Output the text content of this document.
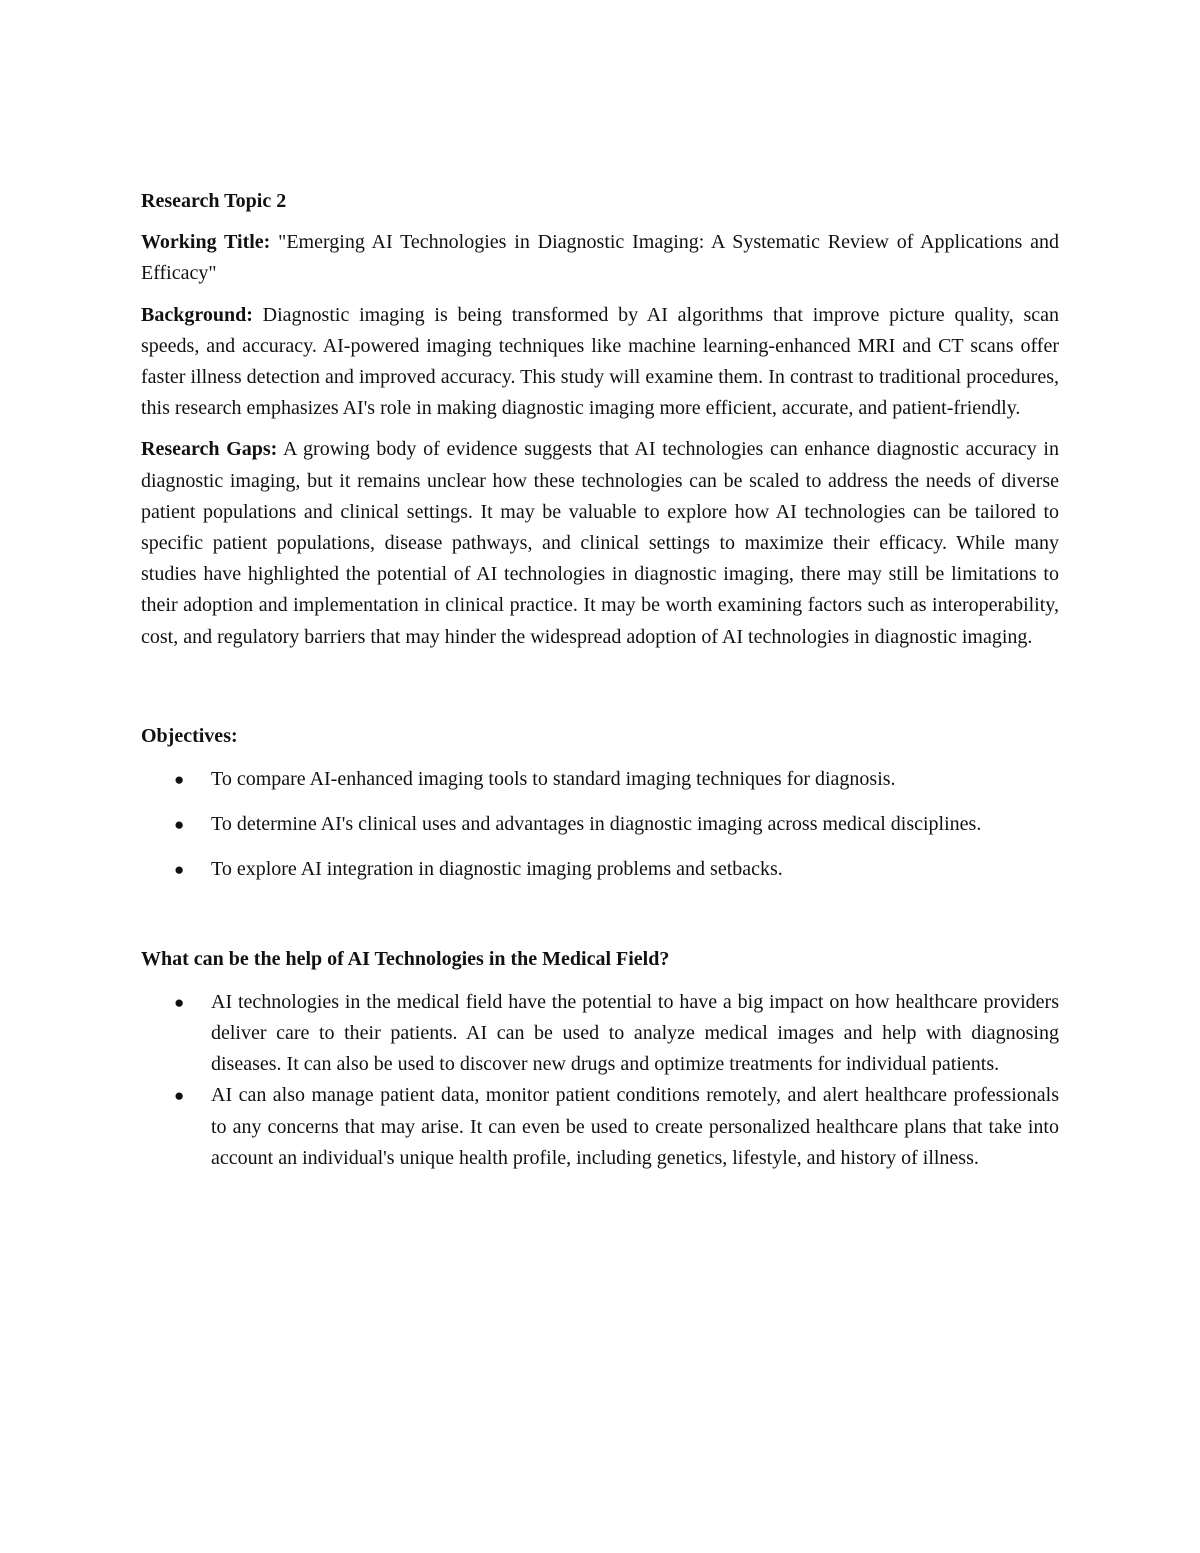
Research Topic 2

Working Title: "Emerging AI Technologies in Diagnostic Imaging: A Systematic Review of Applications and Efficacy"

Background: Diagnostic imaging is being transformed by AI algorithms that improve picture quality, scan speeds, and accuracy. AI-powered imaging techniques like machine learning-enhanced MRI and CT scans offer faster illness detection and improved accuracy. This study will examine them. In contrast to traditional procedures, this research emphasizes AI's role in making diagnostic imaging more efficient, accurate, and patient-friendly.

Research Gaps: A growing body of evidence suggests that AI technologies can enhance diagnostic accuracy in diagnostic imaging, but it remains unclear how these technologies can be scaled to address the needs of diverse patient populations and clinical settings. It may be valuable to explore how AI technologies can be tailored to specific patient populations, disease pathways, and clinical settings to maximize their efficacy. While many studies have highlighted the potential of AI technologies in diagnostic imaging, there may still be limitations to their adoption and implementation in clinical practice. It may be worth examining factors such as interoperability, cost, and regulatory barriers that may hinder the widespread adoption of AI technologies in diagnostic imaging.

Objectives:
● To compare AI-enhanced imaging tools to standard imaging techniques for diagnosis.
● To determine AI's clinical uses and advantages in diagnostic imaging across medical disciplines.
● To explore AI integration in diagnostic imaging problems and setbacks.
What can be the help of AI Technologies in the Medical Field?
● AI technologies in the medical field have the potential to have a big impact on how healthcare providers deliver care to their patients. AI can be used to analyze medical images and help with diagnosing diseases. It can also be used to discover new drugs and optimize treatments for individual patients.
● AI can also manage patient data, monitor patient conditions remotely, and alert healthcare professionals to any concerns that may arise. It can even be used to create personalized healthcare plans that take into account an individual's unique health profile, including genetics, lifestyle, and history of illness.
